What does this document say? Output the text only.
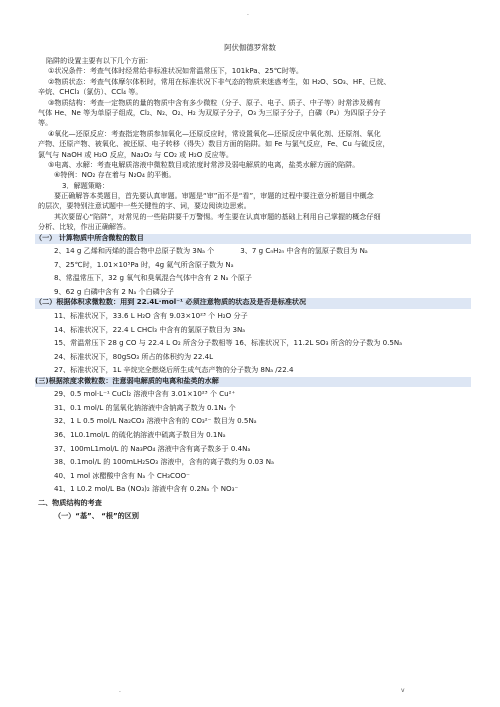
.
阿伏伽德罗常数
陷阱的设置主要有以下几个方面：
①状况条件：考查气体时经常给非标准状况如常温常压下，101kPa、25℃时等。
②物质状态：考查气体摩尔体积时，常用在标准状况下非气态的物质来迷惑考生，如 H₂O、SO₃、HF、已烷、
辛烷、CHCl₃（氯仿）、CCl₄ 等。
③物质结构：考查一定物质的量的物质中含有多少微粒（分子、原子、电子、质子、中子等）时常涉及稀有
气体 He、Ne 等为单原子组成，Cl₂、N₂、O₂、H₂ 为双原子分子，O₃ 为三原子分子，白磷（P₄）为四原子分子
等。
④氧化—还原反应：考查指定物质参加氧化—还原反应时，常设置氧化—还原反应中氧化剂、还原剂、氧化
产物、还原产物、被氧化、被还原、电子转移（得失）数目方面的陷阱。如 Fe 与氯气反应，Fe、Cu 与硫反应，
氯气与 NaOH 或 H₂O 反应，Na₂O₂ 与 CO₂ 或 H₂O 反应等。
⑤电离、水解：考查电解质溶液中微粒数目或浓度时常涉及弱电解质的电离，盐类水解方面的陷阱。
⑥特例：NO₂ 存在着与 N₂O₄ 的平衡。
3．解题策略：
要正确解答本类题目，首先要认真审题。审题是“审”而不是“看”，审题的过程中要注意分析题目中概念
的层次，要特别注意试题中一些关键性的字、词，要边阅读边思索。
其次要留心“陷阱”，对常见的一些陷阱要千万警惕。考生要在认真审题的基础上利用自己掌握的概念仔细
分析、比较，作出正确解答。
（一） 计算物质中所含微粒的数目
2、14 g 乙烯和丙烯的混合物中总原子数为 3Nₐ 个	3、7 g CₙH₂ₙ 中含有的氢原子数目为 Nₐ
7、25℃时，1.01×10⁵Pa 时，4g 氦气所含原子数为 Nₐ
8、常温常压下，32 g 氧气和臭氧混合气体中含有 2 Nₐ 个原子
9、62 g 白磷中含有 2 Nₐ 个白磷分子
（二）根据体积求微粒数：用到 22.4L·mol⁻¹ 必须注意物质的状态及是否是标准状况
11、标准状况下，33.6 L H₂O 含有 9.03×10²³ 个 H₂O 分子
14、标准状况下，22.4 L CHCl₃ 中含有的氯原子数目为 3Nₐ
15、常温常压下 28 g CO 与 22.4 L O₂ 所含分子数相等 16、标准状况下，11.2L SO₃ 所含的分子数为 0.5Nₐ
24、标准状况下，80gSO₃ 所占的体积约为 22.4L
27、标准状况下，1L 辛烷完全燃烧后所生成气态产物的分子数为 8Nₐ /22.4
(三)根据浓度求微粒数：注意弱电解质的电离和盐类的水解
29、0.5 mol·L⁻¹ CuCl₂ 溶液中含有 3.01×10²³ 个 Cu²⁺
31、0.1 mol/L 的氢氧化钠溶液中含钠离子数为 0.1Nₐ 个
32、1 L 0.5 mol/L Na₂CO₃ 溶液中含有的 CO₃²⁻ 数目为 0.5Nₐ
36、1L0.1mol/L 的硫化钠溶液中硫离子数目为 0.1Nₐ
37、100mL1mol/L 的 Na₃PO₄ 溶液中含有离子数多于 0.4Nₐ
38、0.1mol/L 的 100mLH₂SO₃ 溶液中，含有的离子数约为 0.03 Nₐ
40、1 mol 冰醋酸中含有 Nₐ 个 CH₃COO⁻
41、1 L0.2 mol/L Ba (NO₃)₂ 溶液中含有 0.2Nₐ 个 NO₃⁻
二、物质结构的考查
（一）“基”、 “根”的区别
.	v
